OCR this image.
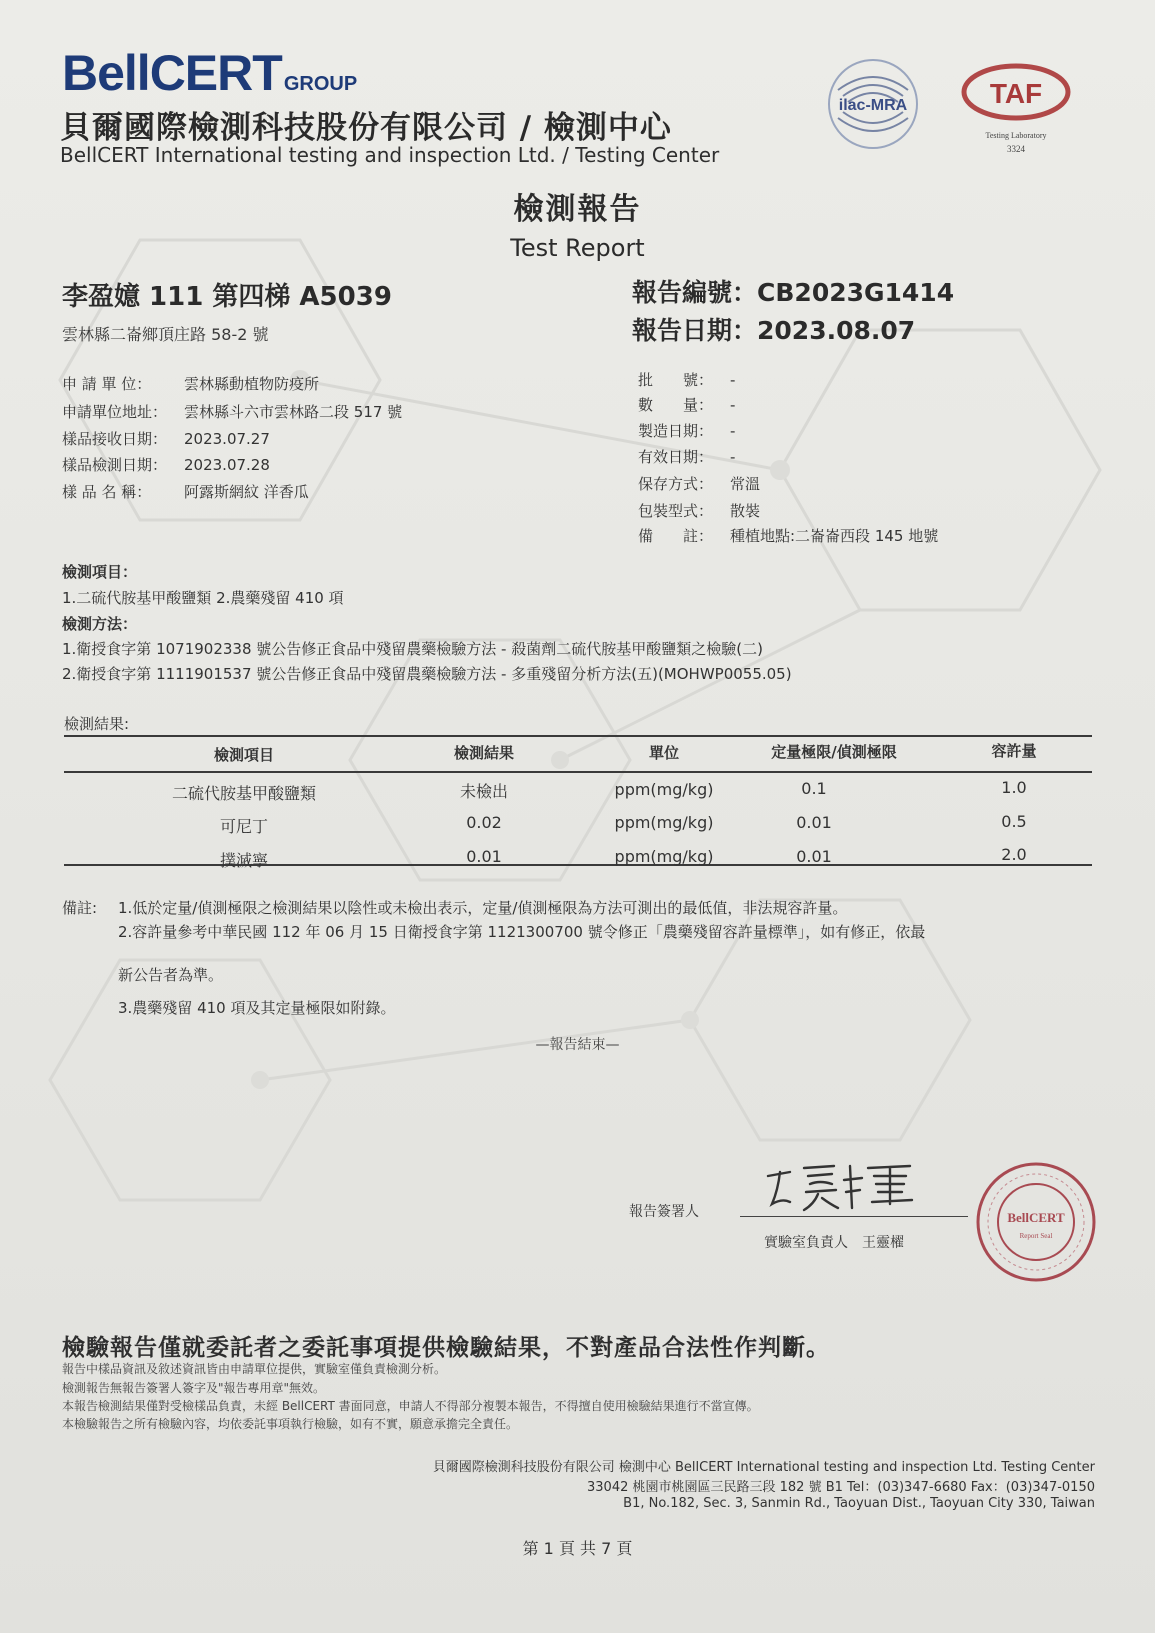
BellCERT GROUP
貝爾國際檢測科技股份有限公司 / 檢測中心
BellCERT International testing and inspection Ltd. / Testing Center
ilac-MRA	TAF
Testing Laboratory
3324
檢測報告
Test Report
李盈嬑 111 第四梯 A5039
雲林縣二崙鄉頂庄路 58-2 號
報告編號：CB2023G1414
報告日期：2023.08.07
申 請 單 位： 雲林縣動植物防疫所
申請單位地址： 雲林縣斗六市雲林路二段 517 號
樣品接收日期： 2023.07.27
樣品檢測日期： 2023.07.28
樣 品 名 稱： 阿露斯網紋 洋香瓜
批　　號： -
數　　量： -
製造日期： -
有效日期： -
保存方式： 常溫
包裝型式： 散裝
備　　註： 種植地點:二崙崙西段 145 地號
檢測項目：
1.二硫代胺基甲酸鹽類 2.農藥殘留 410 項
檢測方法：
1.衛授食字第 1071902338 號公告修正食品中殘留農藥檢驗方法 - 殺菌劑二硫代胺基甲酸鹽類之檢驗(二)
2.衛授食字第 1111901537 號公告修正食品中殘留農藥檢驗方法 - 多重殘留分析方法(五)(MOHWP0055.05)
檢測結果:
檢測項目	檢測結果	單位	定量極限/偵測極限	容許量
二硫代胺基甲酸鹽類	未檢出	ppm(mg/kg)	0.1	1.0
可尼丁	0.02	ppm(mg/kg)	0.01	0.5
撲滅寧	0.01	ppm(mg/kg)	0.01	2.0
備註: 1.低於定量/偵測極限之檢測結果以陰性或未檢出表示，定量/偵測極限為方法可測出的最低值，非法規容許量。
2.容許量參考中華民國 112 年 06 月 15 日衛授食字第 1121300700 號令修正「農藥殘留容許量標準」，如有修正，依最
新公告者為準。
3.農藥殘留 410 項及其定量極限如附錄。
—報告結束—
報告簽署人
實驗室負責人　王靈櫂
BellCERT
Report Seal
檢驗報告僅就委託者之委託事項提供檢驗結果，不對產品合法性作判斷。
報告中樣品資訊及敘述資訊皆由申請單位提供，實驗室僅負責檢測分析。
檢測報告無報告簽署人簽字及"報告專用章"無效。
本報告檢測結果僅對受檢樣品負責，未經 BellCERT 書面同意，申請人不得部分複製本報告，不得擅自使用檢驗結果進行不當宣傳。
本檢驗報告之所有檢驗內容，均依委託事項執行檢驗，如有不實，願意承擔完全責任。
貝爾國際檢測科技股份有限公司 檢測中心 BellCERT International testing and inspection Ltd. Testing Center
33042 桃園市桃園區三民路三段 182 號 B1 Tel：(03)347-6680 Fax：(03)347-0150
B1, No.182, Sec. 3, Sanmin Rd., Taoyuan Dist., Taoyuan City 330, Taiwan
第 1 頁 共 7 頁
